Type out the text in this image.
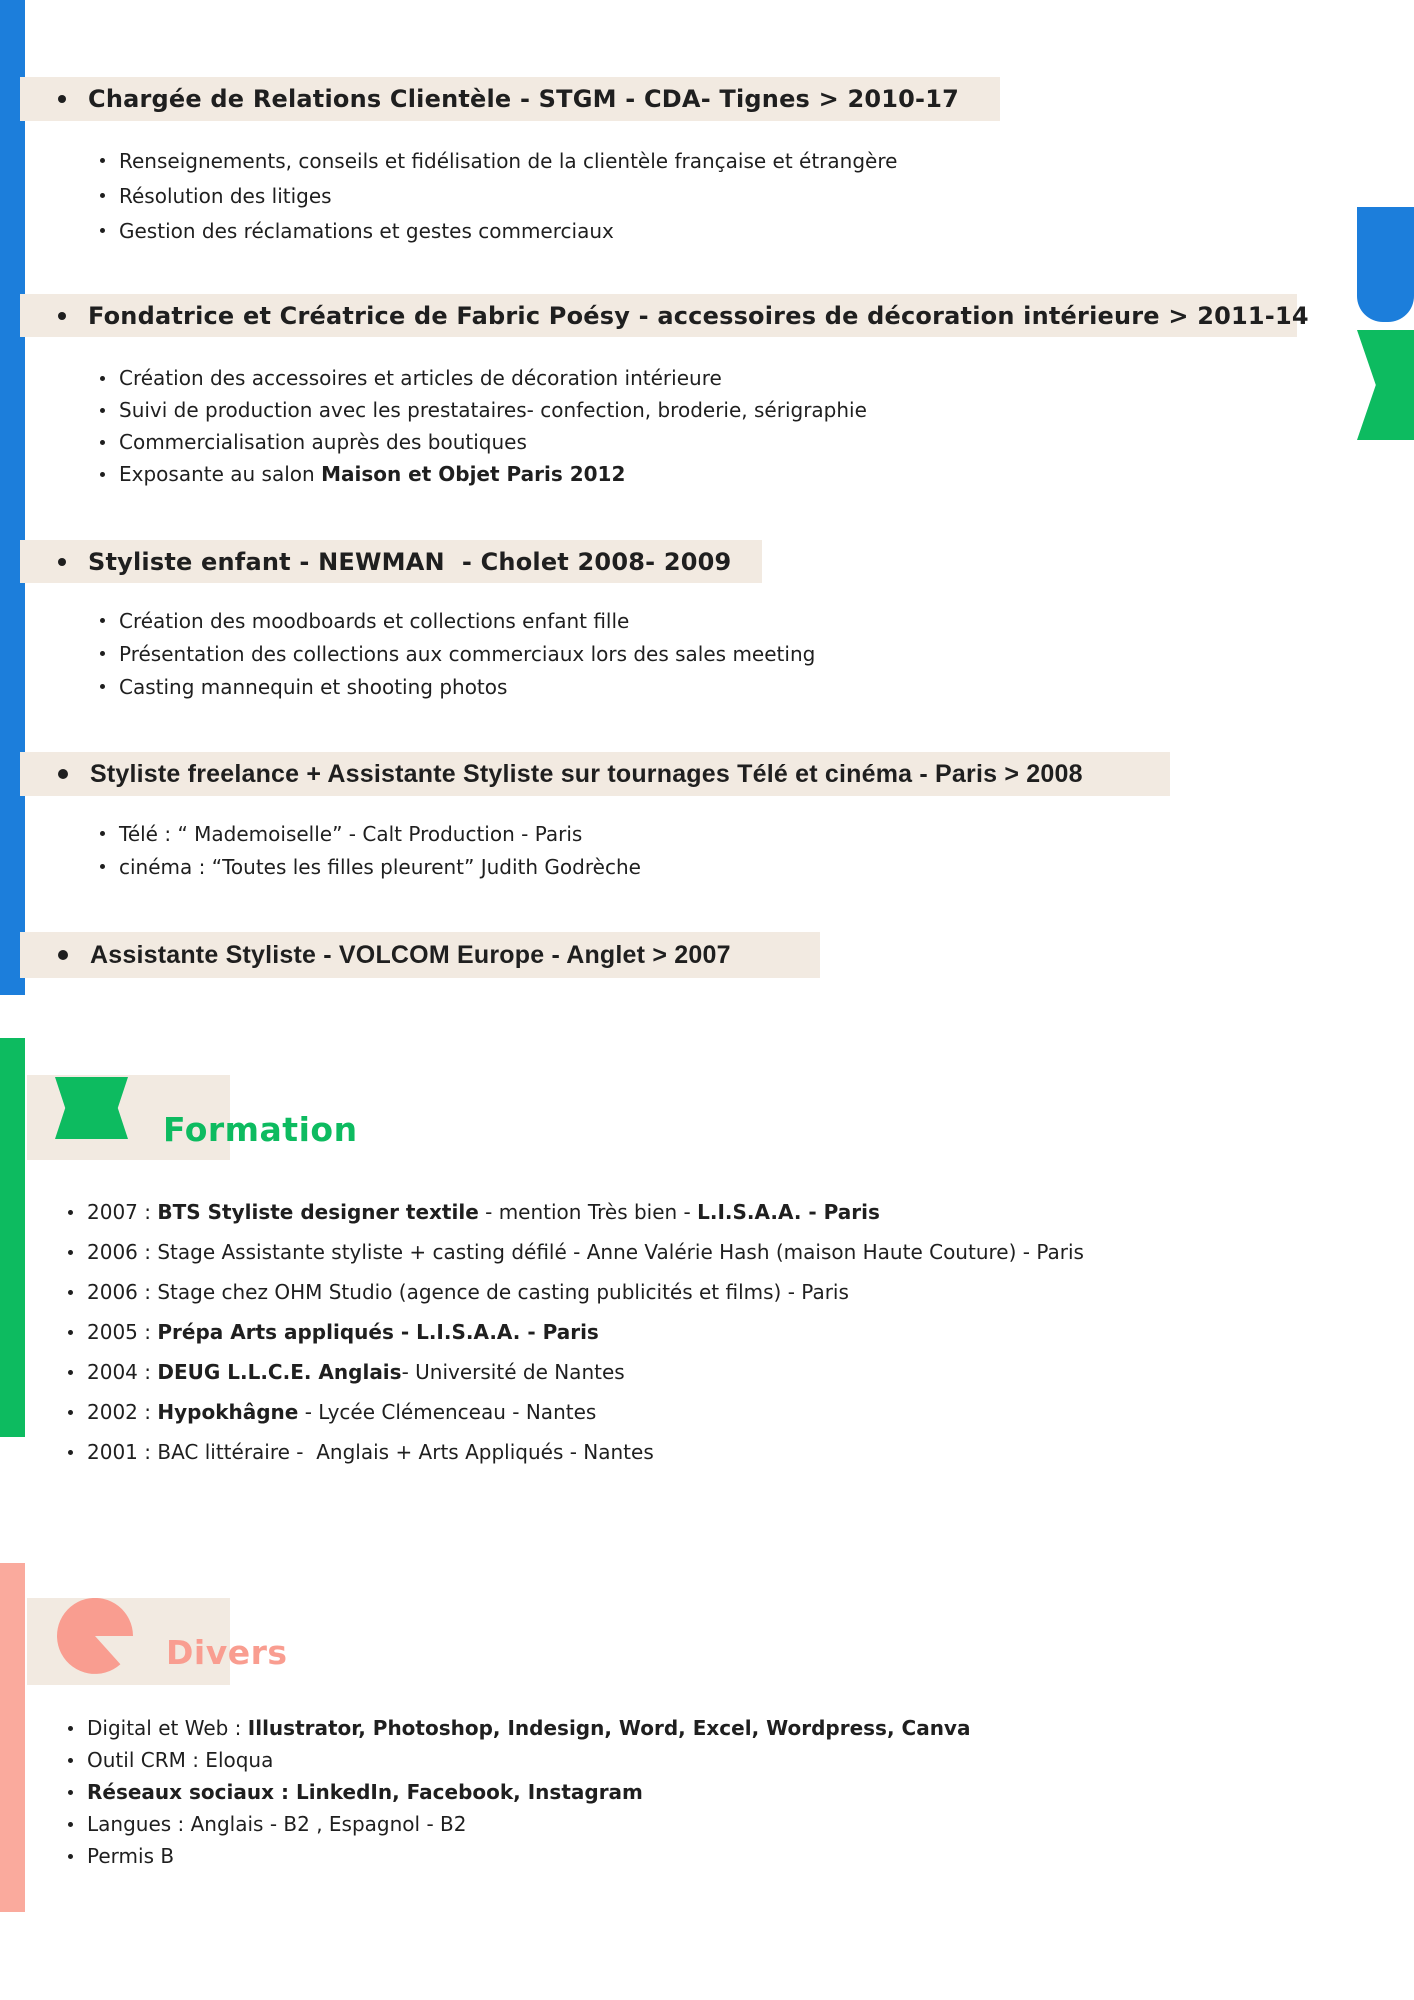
Chargée de Relations Clientèle - STGM - CDA- Tignes > 2010-17
Renseignements, conseils et fidélisation de la clientèle française et étrangère
Résolution des litiges
Gestion des réclamations et gestes commerciaux
Fondatrice et Créatrice de Fabric Poésy - accessoires de décoration intérieure > 2011-14
Création des accessoires et articles de décoration intérieure
Suivi de production avec les prestataires- confection, broderie, sérigraphie
Commercialisation auprès des boutiques
Exposante au salon Maison et Objet Paris 2012
Styliste enfant - NEWMAN  - Cholet 2008- 2009
Création des moodboards et collections enfant fille
Présentation des collections aux commerciaux lors des sales meeting
Casting mannequin et shooting photos
Styliste freelance + Assistante Styliste sur tournages Télé et cinéma - Paris > 2008
Télé : “ Mademoiselle” - Calt Production - Paris
cinéma : “Toutes les filles pleurent” Judith Godrèche
Assistante Styliste - VOLCOM Europe - Anglet > 2007
Formation
2007 : BTS Styliste designer textile - mention Très bien - L.I.S.A.A. - Paris
2006 : Stage Assistante styliste + casting défilé - Anne Valérie Hash (maison Haute Couture) - Paris
2006 : Stage chez OHM Studio (agence de casting publicités et films) - Paris
2005 : Prépa Arts appliqués - L.I.S.A.A. - Paris
2004 : DEUG L.L.C.E. Anglais- Université de Nantes
2002 : Hypokhâgne - Lycée Clémenceau - Nantes
2001 : BAC littéraire -  Anglais + Arts Appliqués - Nantes
Divers
Digital et Web : Illustrator, Photoshop, Indesign, Word, Excel, Wordpress, Canva
Outil CRM : Eloqua
Réseaux sociaux : LinkedIn, Facebook, Instagram
Langues : Anglais - B2 , Espagnol - B2
Permis B
